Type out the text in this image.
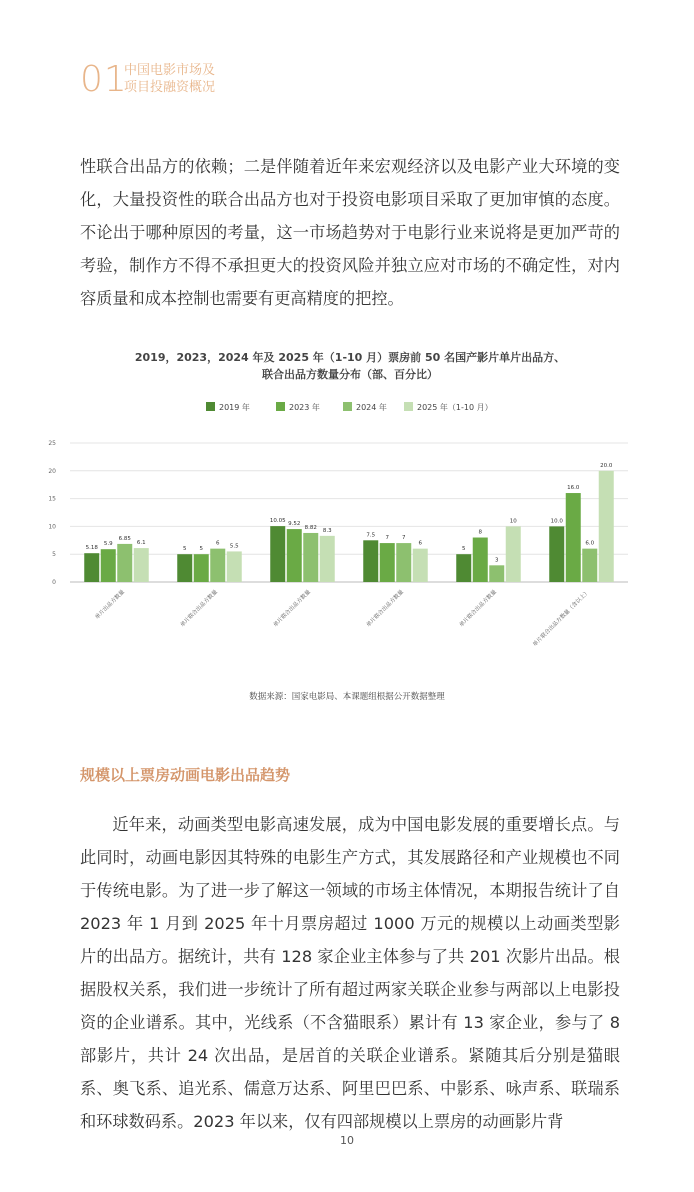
01
中国电影市场及
项目投融资概况

性联合出品方的依赖；二是伴随着近年来宏观经济以及电影产业大环境的变化，大量投资性的联合出品方也对于投资电影项目采取了更加审慎的态度。不论出于哪种原因的考量，这一市场趋势对于电影行业来说将是更加严苛的考验，制作方不得不承担更大的投资风险并独立应对市场的不确定性，对内容质量和成本控制也需要有更高精度的把控。

2019，2023，2024 年及 2025 年（1-10 月）票房前 50 名国产影片单片出品方、
联合出品方数量分布（部、百分比）
2019 年	2023 年	2024 年	2025 年（1-10 月）
0
5
10
15
20
25
5.18
5.9
6.85
6.1
单片出品方数量
5 5
6 5.5
单片联合出品方数量
10.05 9.52
8.82 8.3
单片联合出品方数量
7.5 7 7
6
单片联合出品方数量
5
8
3
10
单片联合出品方数量
10.0
16.0
6.0
20.0
单片联合出品方数量（含以上）
数据来源：国家电影局、本课题组根据公开数据整理
规模以上票房动画电影出品趋势

近年来，动画类型电影高速发展，成为中国电影发展的重要增长点。与此同时，动画电影因其特殊的电影生产方式，其发展路径和产业规模也不同于传统电影。为了进一步了解这一领域的市场主体情况，本期报告统计了自 2023 年 1 月到 2025 年十月票房超过 1000 万元的规模以上动画类型影片的出品方。据统计，共有 128 家企业主体参与了共 201 次影片出品。根据股权关系，我们进一步统计了所有超过两家关联企业参与两部以上电影投资的企业谱系。其中，光线系（不含猫眼系）累计有 13 家企业，参与了 8 部影片，共计 24 次出品，是居首的关联企业谱系。紧随其后分别是猫眼系、奥飞系、追光系、儒意万达系、阿里巴巴系、中影系、咏声系、联瑞系和环球数码系。2023 年以来，仅有四部规模以上票房的动画影片背

10
